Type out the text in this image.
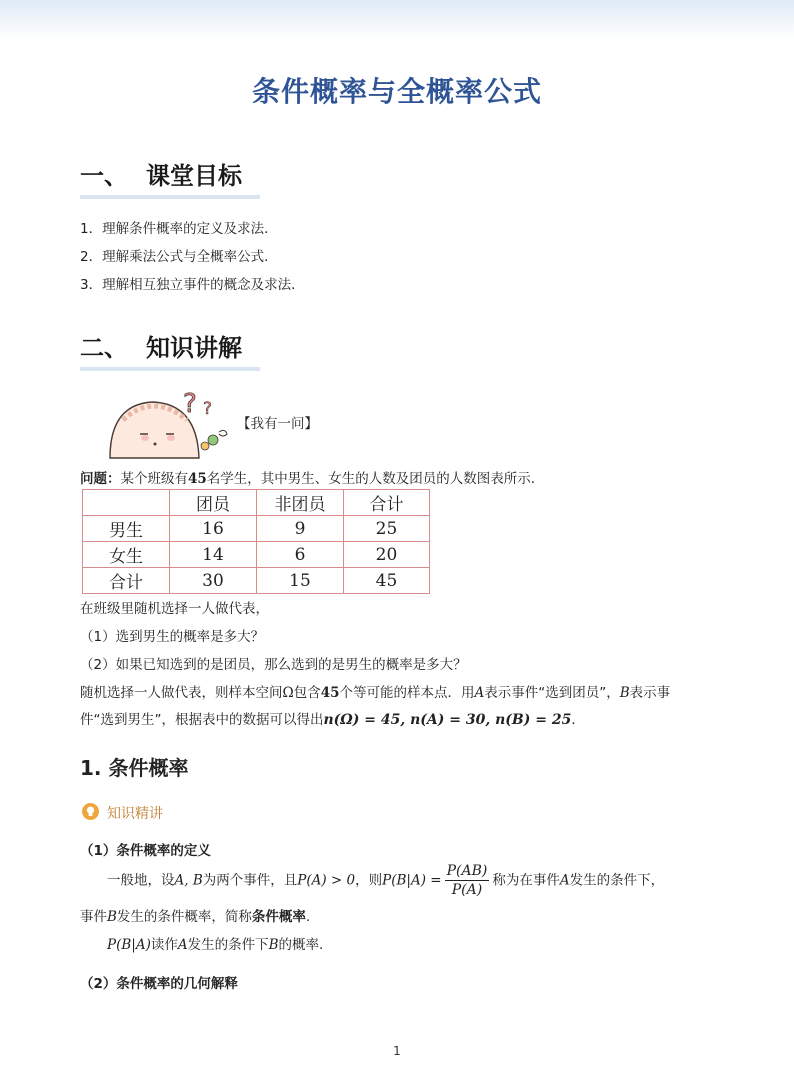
条件概率与全概率公式
一、 课堂目标
1．理解条件概率的定义及求法．
2．理解乘法公式与全概率公式．
3．理解相互独立事件的概念及求法．
二、 知识讲解
? ?
【我有一问】
问题：某个班级有45名学生，其中男生、女生的人数及团员的人数图表所示．
	团员	非团员	合计
男生	16	9	25
女生	14	6	20
合计	30	15	45
在班级里随机选择一人做代表，
（1）选到男生的概率是多大？
（2）如果已知选到的是团员，那么选到的是男生的概率是多大？
随机选择一人做代表，则样本空间Ω包含45个等可能的样本点．用A表示事件“选到团员”，B表示事
件“选到男生”，根据表中的数据可以得出n(Ω) = 45, n(A) = 30, n(B) = 25．
1. 条件概率
知识精讲
（1）条件概率的定义
一般地，设A, B为两个事件，且P(A) > 0，则$P(B|A) = \frac{P(AB)}{P(A)}$ 称为在事件A发生的条件下，
事件B发生的条件概率，简称条件概率.
P(B|A)读作A发生的条件下B的概率.
（2）条件概率的几何解释
1
